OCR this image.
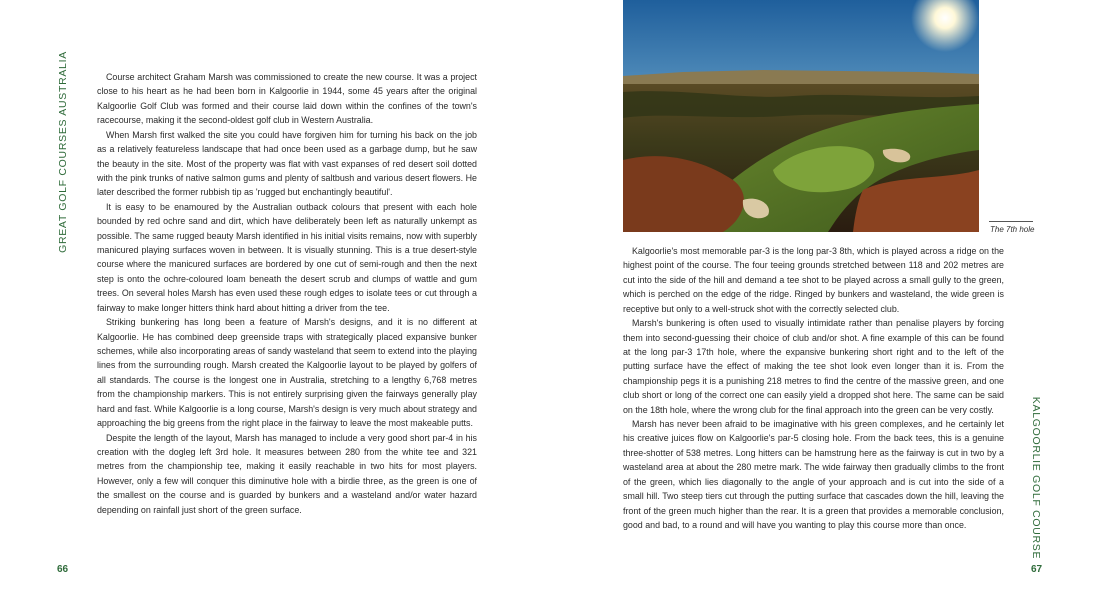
GREAT GOLF COURSES AUSTRALIA	Course architect Graham Marsh was commissioned to create the new course. It was a project close to his heart as he had been born in Kalgoorlie in 1944, some 45 years after the original Kalgoorlie Golf Club was formed and their course laid down within the confines of the town's racecourse, making it the second-oldest golf club in Western Australia.

When Marsh first walked the site you could have forgiven him for turning his back on the job as a relatively featureless landscape that had once been used as a garbage dump, but he saw the beauty in the site. Most of the property was flat with vast expanses of red desert soil dotted with the pink trunks of native salmon gums and plenty of saltbush and various desert flowers. He later described the former rubbish tip as 'rugged but enchantingly beautiful'.

It is easy to be enamoured by the Australian outback colours that present with each hole bounded by red ochre sand and dirt, which have deliberately been left as naturally unkempt as possible. The same rugged beauty Marsh identified in his initial visits remains, now with superbly manicured playing surfaces woven in between. It is visually stunning. This is a true desert-style course where the manicured surfaces are bordered by one cut of semi-rough and then the next step is onto the ochre-coloured loam beneath the desert scrub and clumps of wattle and gum trees. On several holes Marsh has even used these rough edges to isolate tees or cut through a fairway to make longer hitters think hard about hitting a driver from the tee.

Striking bunkering has long been a feature of Marsh's designs, and it is no different at Kalgoorlie. He has combined deep greenside traps with strategically placed expansive bunker schemes, while also incorporating areas of sandy wasteland that seem to extend into the playing lines from the surrounding rough. Marsh created the Kalgoorlie layout to be played by golfers of all standards. The course is the longest one in Australia, stretching to a lengthy 6,768 metres from the championship markers. This is not entirely surprising given the fairways generally play hard and fast. While Kalgoorlie is a long course, Marsh's design is very much about strategy and approaching the big greens from the right place in the fairway to leave the most makeable putts.

Despite the length of the layout, Marsh has managed to include a very good short par-4 in his creation with the dogleg left 3rd hole. It measures between 280 from the white tee and 321 metres from the championship tee, making it easily reachable in two hits for most players. However, only a few will conquer this diminutive hole with a birdie three, as the green is one of the smallest on the course and is guarded by bunkers and a wasteland and/or water hazard depending on rainfall just short of the green surface.

66
The 7th hole

Kalgoorlie's most memorable par-3 is the long par-3 8th, which is played across a ridge on the highest point of the course. The four teeing grounds stretched between 118 and 202 metres are cut into the side of the hill and demand a tee shot to be played across a small gully to the green, which is perched on the edge of the ridge. Ringed by bunkers and wasteland, the wide green is receptive but only to a well-struck shot with the correctly selected club.

Marsh's bunkering is often used to visually intimidate rather than penalise players by forcing them into second-guessing their choice of club and/or shot. A fine example of this can be found at the long par-3 17th hole, where the expansive bunkering short right and to the left of the putting surface have the effect of making the tee shot look even longer than it is. From the championship pegs it is a punishing 218 metres to find the centre of the massive green, and one club short or long of the correct one can easily yield a dropped shot here. The same can be said on the 18th hole, where the wrong club for the final approach into the green can be very costly.

Marsh has never been afraid to be imaginative with his green complexes, and he certainly let his creative juices flow on Kalgoorlie's par-5 closing hole. From the back tees, this is a genuine three-shotter of 538 metres. Long hitters can be hamstrung here as the fairway is cut in two by a wasteland area at about the 280 metre mark. The wide fairway then gradually climbs to the front of the green, which lies diagonally to the angle of your approach and is cut into the side of a small hill. Two steep tiers cut through the putting surface that cascades down the hill, leaving the front of the green much higher than the rear. It is a green that provides a memorable conclusion, good and bad, to a round and will have you wanting to play this course more than once.	KALGOORLIE GOLF COURSE
67
